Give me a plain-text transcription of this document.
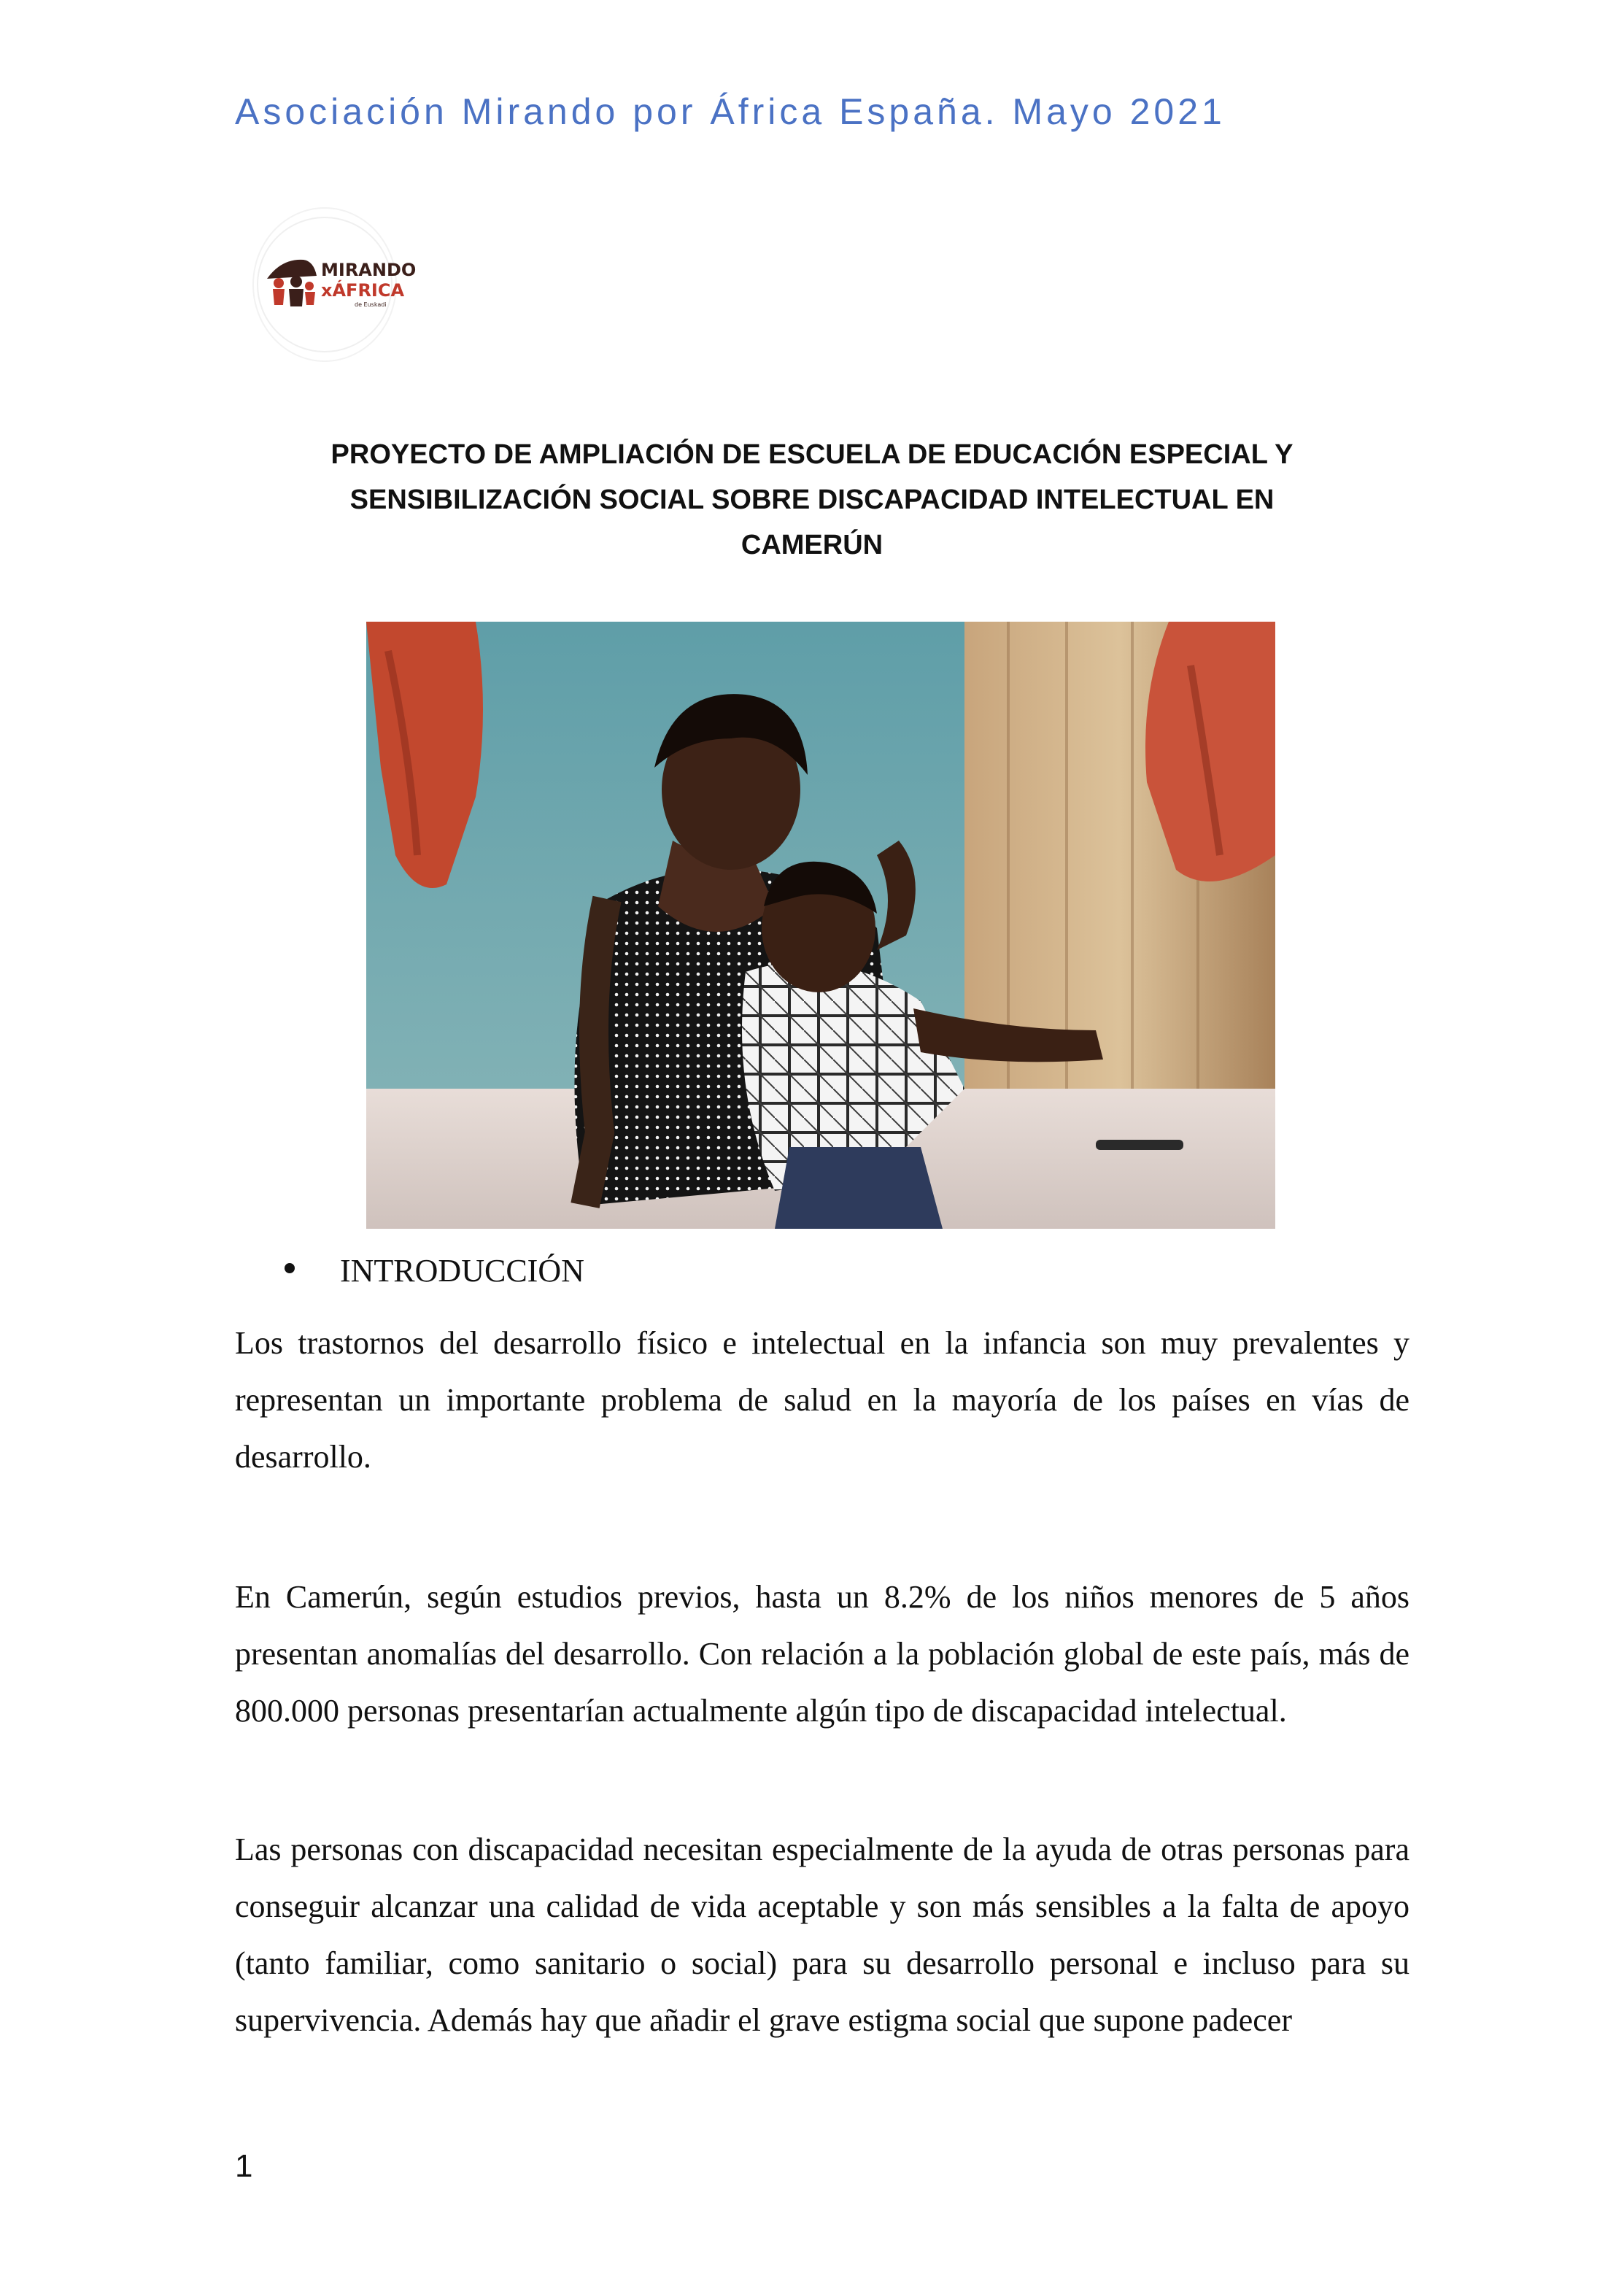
Asociación Mirando por África España. Mayo 2021
MIRANDO
xÁFRICA
de Euskadi
PROYECTO DE AMPLIACIÓN DE ESCUELA DE EDUCACIÓN ESPECIAL Y
SENSIBILIZACIÓN SOCIAL SOBRE DISCAPACIDAD INTELECTUAL EN
CAMERÚN
INTRODUCCIÓN
Los trastornos del desarrollo físico e intelectual en la infancia son muy prevalentes y representan un importante problema de salud en la mayoría de los países en vías de desarrollo.
En Camerún, según estudios previos, hasta un 8.2% de los niños menores de 5 años presentan anomalías del desarrollo. Con relación a la población global de este país, más de 800.000 personas presentarían actualmente algún tipo de discapacidad intelectual.
Las personas con discapacidad necesitan especialmente de la ayuda de otras personas para conseguir alcanzar una calidad de vida aceptable y son más sensibles a la falta de apoyo (tanto familiar, como sanitario o social) para su desarrollo personal e incluso para su supervivencia. Además hay que añadir el grave estigma social que supone padecer
1
